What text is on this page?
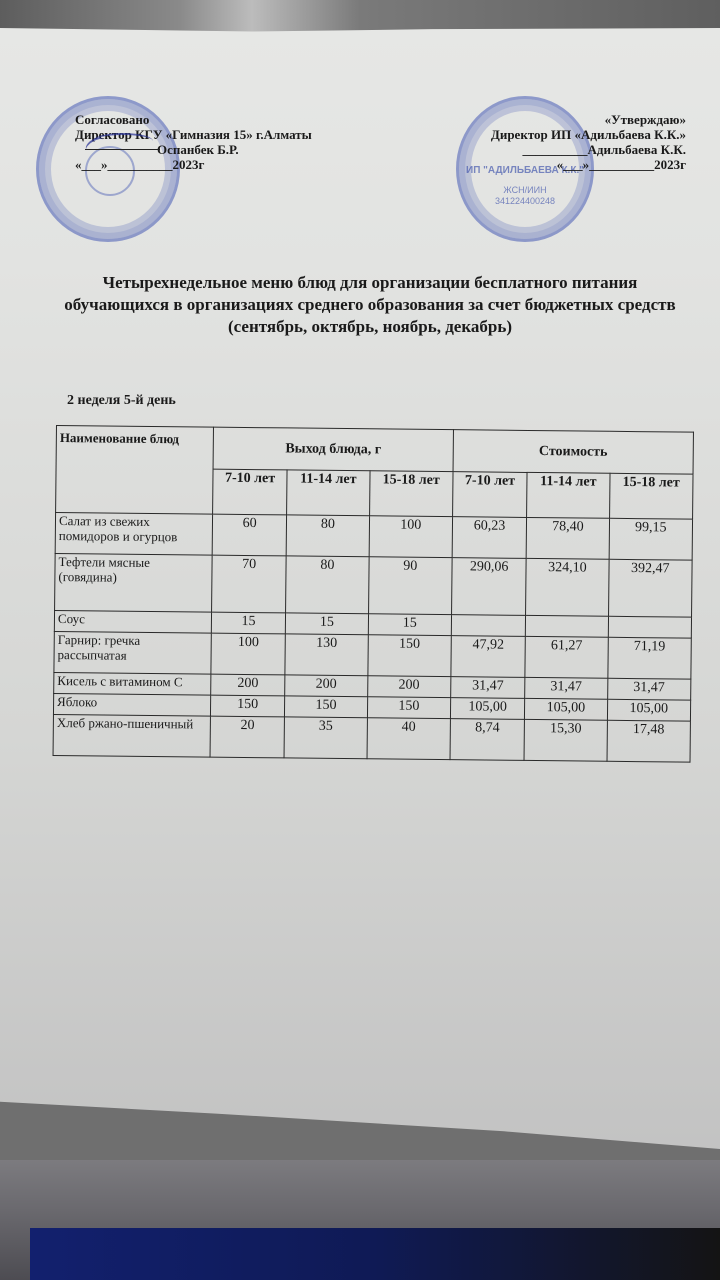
ИП "АДИЛЬБАЕВА К.К."
ЖСН/ИИН
341224400248
Согласовано
Директор КГУ «Гимназия 15» г.Алматы
Оспанбек Б.Р.
«___»__________2023г
«Утверждаю»
Директор ИП «Адильбаева К.К.»
__________Адильбаева К.К.
«___»__________2023г
Четырехнедельное меню блюд для организации бесплатного питания обучающихся в организациях среднего образования за счет бюджетных средств (сентябрь, октябрь, ноябрь, декабрь)
2 неделя 5-й день
Наименование блюд	Выход блюда, г			Стоимость		
	7-10 лет	11-14 лет	15-18 лет	7-10 лет	11-14 лет	15-18 лет
Салат из свежих помидоров и огурцов	60	80	100	60,23	78,40	99,15
Тефтели мясные (говядина)	70	80	90	290,06	324,10	392,47
Соус	15	15	15			
Гарнир: гречка рассыпчатая	100	130	150	47,92	61,27	71,19
Кисель с витамином С	200	200	200	31,47	31,47	31,47
Яблоко	150	150	150	105,00	105,00	105,00
Хлеб ржано-пшеничный	20	35	40	8,74	15,30	17,48
